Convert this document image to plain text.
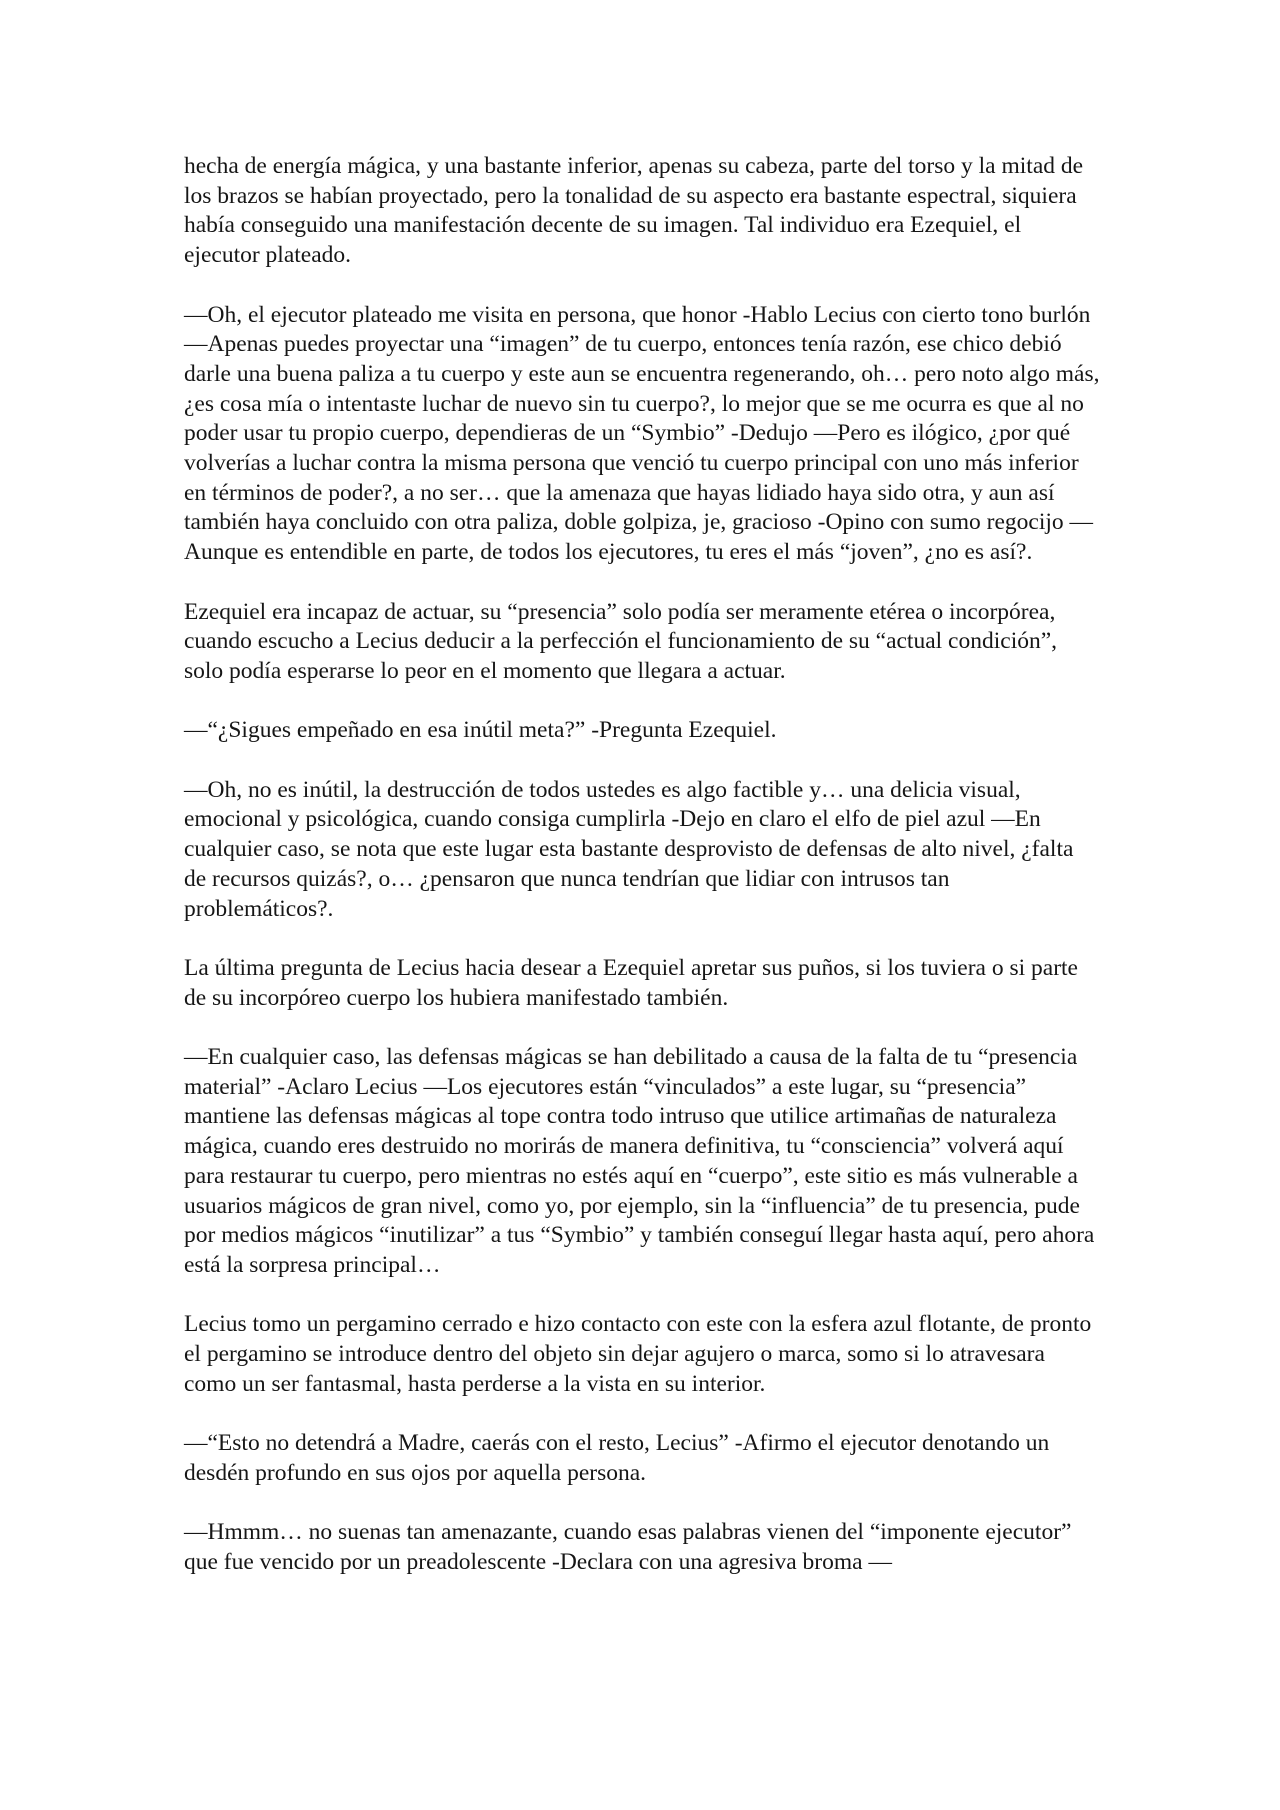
hecha de energía mágica, y una bastante inferior, apenas su cabeza, parte del torso y la mitad de los brazos se habían proyectado, pero la tonalidad de su aspecto era bastante espectral, siquiera había conseguido una manifestación decente de su imagen. Tal individuo era Ezequiel, el ejecutor plateado.

—Oh, el ejecutor plateado me visita en persona, que honor -Hablo Lecius con cierto tono burlón —Apenas puedes proyectar una “imagen” de tu cuerpo, entonces tenía razón, ese chico debió darle una buena paliza a tu cuerpo y este aun se encuentra regenerando, oh… pero noto algo más, ¿es cosa mía o intentaste luchar de nuevo sin tu cuerpo?, lo mejor que se me ocurra es que al no poder usar tu propio cuerpo, dependieras de un “Symbio” -Dedujo —Pero es ilógico, ¿por qué volverías a luchar contra la misma persona que venció tu cuerpo principal con uno más inferior en términos de poder?, a no ser… que la amenaza que hayas lidiado haya sido otra, y aun así también haya concluido con otra paliza, doble golpiza, je, gracioso -Opino con sumo regocijo —Aunque es entendible en parte, de todos los ejecutores, tu eres el más “joven”, ¿no es así?.

Ezequiel era incapaz de actuar, su “presencia” solo podía ser meramente etérea o incorpórea, cuando escucho a Lecius deducir a la perfección el funcionamiento de su “actual condición”, solo podía esperarse lo peor en el momento que llegara a actuar.

—“¿Sigues empeñado en esa inútil meta?” -Pregunta Ezequiel.

—Oh, no es inútil, la destrucción de todos ustedes es algo factible y… una delicia visual, emocional y psicológica, cuando consiga cumplirla -Dejo en claro el elfo de piel azul —En cualquier caso, se nota que este lugar esta bastante desprovisto de defensas de alto nivel, ¿falta de recursos quizás?, o… ¿pensaron que nunca tendrían que lidiar con intrusos tan problemáticos?.

La última pregunta de Lecius hacia desear a Ezequiel apretar sus puños, si los tuviera o si parte de su incorpóreo cuerpo los hubiera manifestado también.

—En cualquier caso, las defensas mágicas se han debilitado a causa de la falta de tu “presencia material” -Aclaro Lecius —Los ejecutores están “vinculados” a este lugar, su “presencia” mantiene las defensas mágicas al tope contra todo intruso que utilice artimañas de naturaleza mágica, cuando eres destruido no morirás de manera definitiva, tu “consciencia” volverá aquí para restaurar tu cuerpo, pero mientras no estés aquí en “cuerpo”, este sitio es más vulnerable a usuarios mágicos de gran nivel, como yo, por ejemplo, sin la “influencia” de tu presencia, pude por medios mágicos “inutilizar” a tus “Symbio” y también conseguí llegar hasta aquí, pero ahora está la sorpresa principal…

Lecius tomo un pergamino cerrado e hizo contacto con este con la esfera azul flotante, de pronto el pergamino se introduce dentro del objeto sin dejar agujero o marca, somo si lo atravesara como un ser fantasmal, hasta perderse a la vista en su interior.

—“Esto no detendrá a Madre, caerás con el resto, Lecius” -Afirmo el ejecutor denotando un desdén profundo en sus ojos por aquella persona.

—Hmmm… no suenas tan amenazante, cuando esas palabras vienen del “imponente ejecutor” que fue vencido por un preadolescente -Declara con una agresiva broma —
